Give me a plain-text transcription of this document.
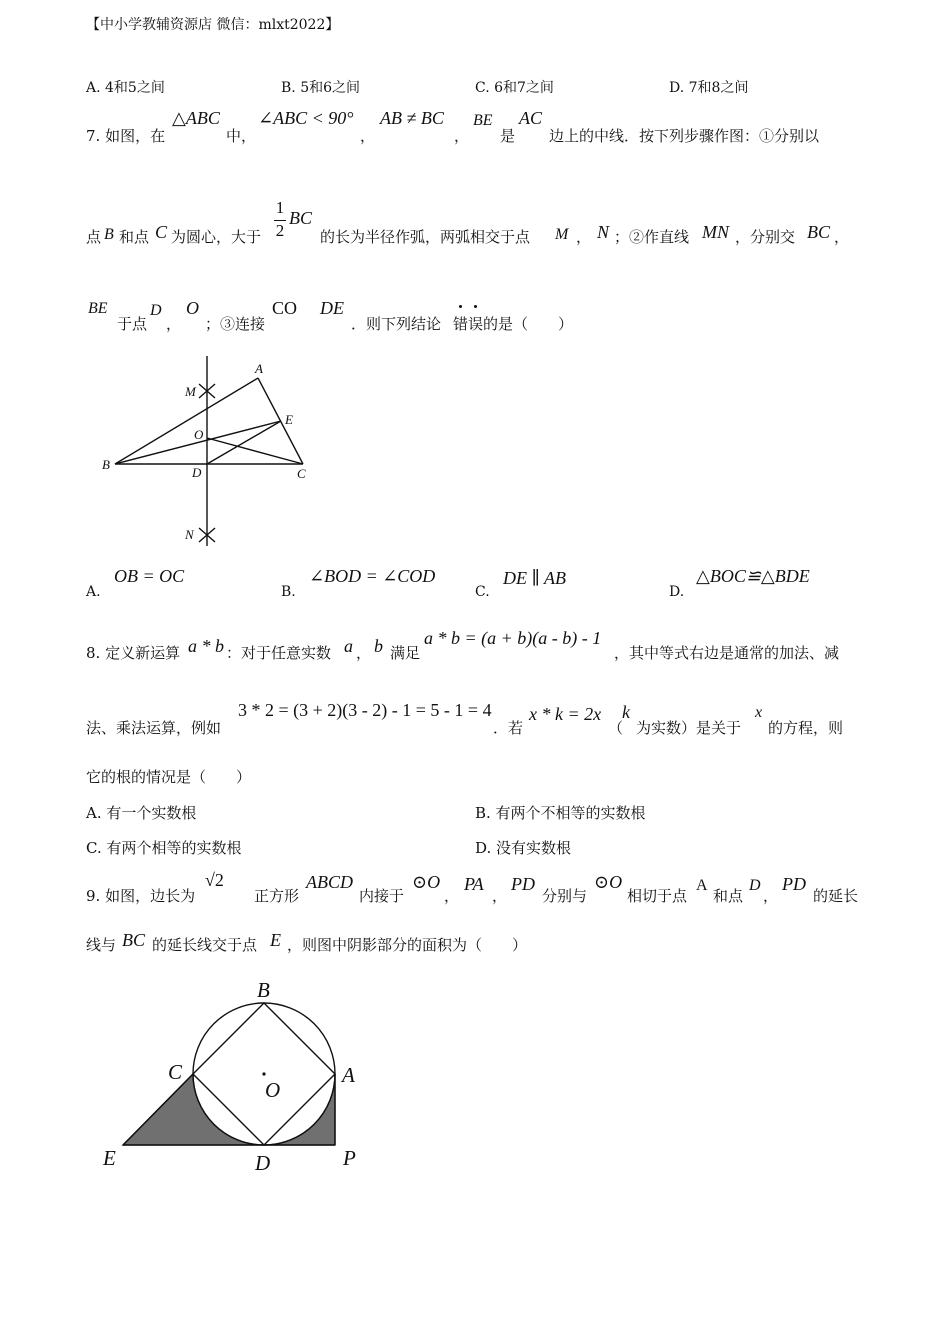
【中小学教辅资源店 微信：mlxt2022】
A. 4和5之间	B. 5和6之间	C. 6和7之间	D. 7和8之间
7. 如图，在
△ABC
中，
∠ABC < 90°
，
AB ≠ BC
，
BE
是
AC
边上的中线．按下列步骤作图：①分别以
点 B 和点 C 为圆心，大于
1
2
BC
的长为半径作弧，两弧相交于点 M ， N ；②作直线 MN ，分别交 BC ，
BE
于点
D
，
O
；③连接
CO DE
．则下列结论 错误 的是（　　）
A
M
E
O
B
D	C
N
A.
OB = OC
B.
∠BOD = ∠COD
C.
DE ∥ AB
D.
△BOC≌△BDE
8. 定义新运算 a * b ：对于任意实数 a ， b 满足
a * b = (a + b)(a - b) - 1
，其中等式右边是通常的加法、减
法、乘法运算，例如
3 * 2 = (3 + 2)(3 - 2) - 1 = 5 - 1 = 4
．若
x * k = 2x
（
k
为实数）是关于
x
的方程，则
它的根的情况是（　　）
A. 有一个实数根	B. 有两个不相等的实数根
C. 有两个相等的实数根	D. 没有实数根
9. 如图，边长为
√2
正方形
ABCD
内接于
⊙O
，
PA
，
PD
分别与
⊙O
相切于点
A
和点
D
，
PD
的延长
线与 BC 的延长线交于点 E ，则图中阴影部分的面积为（　　）
B
C
O
A
E	D	P
